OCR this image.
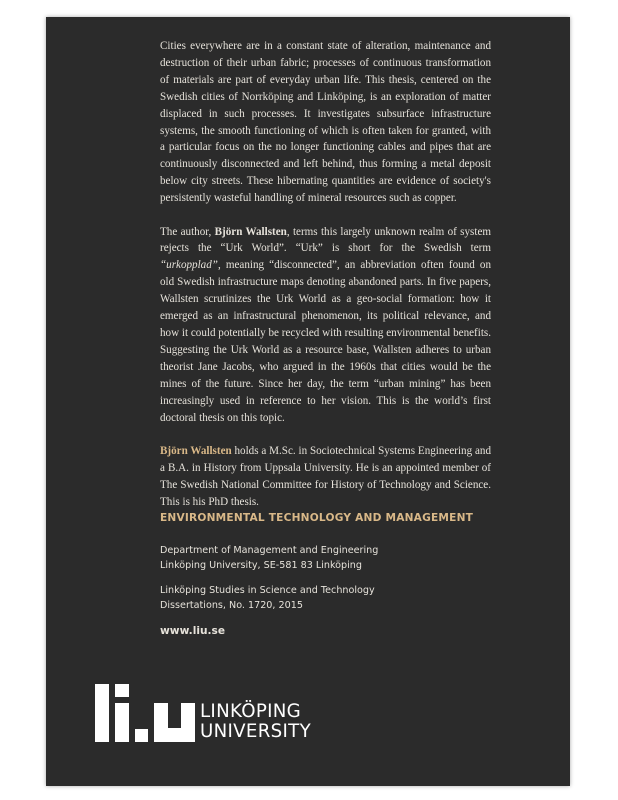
Cities everywhere are in a constant state of alteration, maintenance and destruction of their urban fabric; processes of continuous transformation of materials are part of everyday urban life. This thesis, centered on the Swedish cities of Norrköping and Linköping, is an exploration of matter displaced in such processes. It investigates subsurface infrastructure systems, the smooth functioning of which is often taken for granted, with a particular focus on the no longer functioning cables and pipes that are continuously disconnected and left behind, thus forming a metal deposit below city streets. These hibernating quantities are evidence of society's persistently wasteful handling of mineral resources such as copper.

The author, Björn Wallsten, terms this largely unknown realm of system rejects the “Urk World”. “Urk” is short for the Swedish term “urkopplad”, meaning “disconnected”, an abbreviation often found on old Swedish infrastructure maps denoting abandoned parts. In five papers, Wallsten scrutinizes the Urk World as a geo-social formation: how it emerged as an infrastructural phenomenon, its political relevance, and how it could potentially be recycled with resulting environmental benefits. Suggesting the Urk World as a resource base, Wallsten adheres to urban theorist Jane Jacobs, who argued in the 1960s that cities would be the mines of the future. Since her day, the term “urban mining” has been increasingly used in reference to her vision. This is the world’s first doctoral thesis on this topic.

Björn Wallsten holds a M.Sc. in Sociotechnical Systems Engineering and a B.A. in History from Uppsala University. He is an appointed member of The Swedish National Committee for History of Technology and Science. This is his PhD thesis.

ENVIRONMENTAL TECHNOLOGY AND MANAGEMENT
Department of Management and Engineering
Linköping University, SE-581 83 Linköping
Linköping Studies in Science and Technology
Dissertations, No. 1720, 2015
www.liu.se
LINKÖPING
UNIVERSITY
